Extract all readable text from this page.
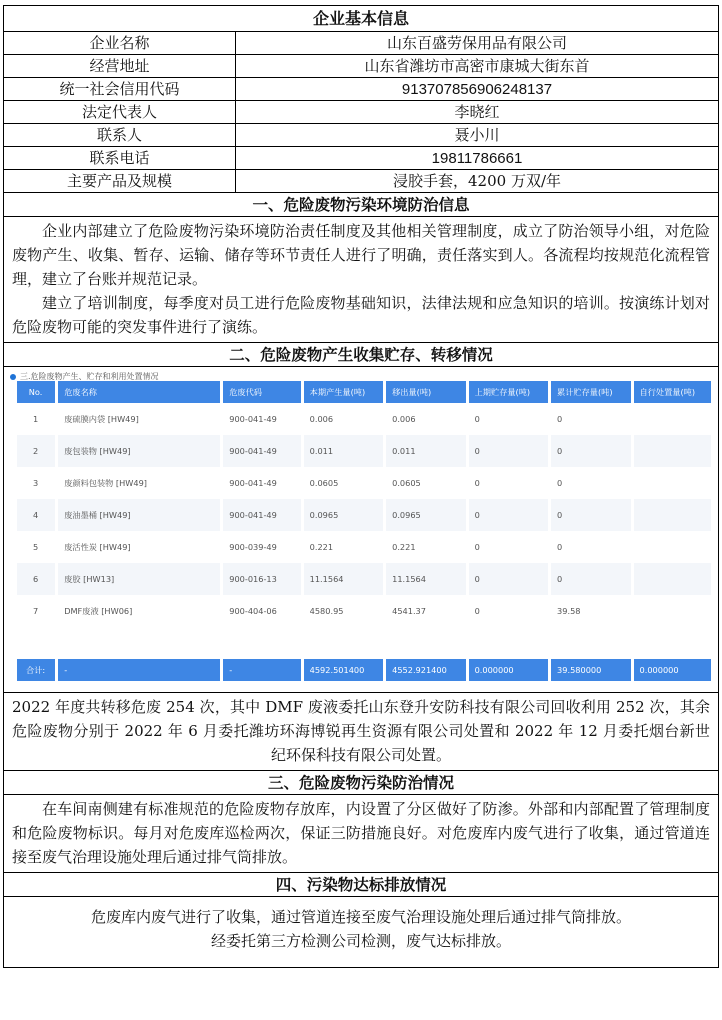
企业基本信息
企业名称	山东百盛劳保用品有限公司
经营地址	山东省潍坊市高密市康城大街东首
统一社会信用代码	913707856906248137
法定代表人	李晓红
联系人	聂小川
联系电话	19811786661
主要产品及规模	浸胶手套，4200 万双/年
一、危险废物污染环境防治信息

企业内部建立了危险废物污染环境防治责任制度及其他相关管理制度，成立了防治领导小组，对危险废物产生、收集、暂存、运输、储存等环节责任人进行了明确，责任落实到人。各流程均按规范化流程管理，建立了台账并规范记录。

建立了培训制度，每季度对员工进行危险废物基础知识，法律法规和应急知识的培训。按演练计划对危险废物可能的突发事件进行了演练。

二、危险废物产生收集贮存、转移情况
三.危险废物产生、贮存和利用处置情况
No.	危废名称	危废代码	本期产生量(吨)	移出量(吨)	上期贮存量(吨)	累计贮存量(吨)	自行处置量(吨)
1	废硫膜内袋 [HW49]	900-041-49	0.006	0.006	0	0	
2	废包装物 [HW49]	900-041-49	0.011	0.011	0	0	
3	废颜料包装物 [HW49]	900-041-49	0.0605	0.0605	0	0	
4	废油墨桶 [HW49]	900-041-49	0.0965	0.0965	0	0	
5	废活性炭 [HW49]	900-039-49	0.221	0.221	0	0	
6	废胶 [HW13]	900-016-13	11.1564	11.1564	0	0	
7	DMF废液 [HW06]	900-404-06	4580.95	4541.37	0	39.58	

合计:	-	-	4592.501400	4552.921400	0.000000	39.580000	0.000000

2022 年度共转移危废 254 次，其中 DMF 废液委托山东登升安防科技有限公司回收利用 252 次，其余危险废物分别于 2022 年 6 月委托潍坊环海博锐再生资源有限公司处置和 2022 年 12 月委托烟台新世纪环保科技有限公司处置。

三、危险废物污染防治情况

在车间南侧建有标准规范的危险废物存放库，内设置了分区做好了防渗。外部和内部配置了管理制度和危险废物标识。每月对危废库巡检两次，保证三防措施良好。对危废库内废气进行了收集，通过管道连接至废气治理设施处理后通过排气筒排放。

四、污染物达标排放情况

危废库内废气进行了收集，通过管道连接至废气治理设施处理后通过排气筒排放。

经委托第三方检测公司检测，废气达标排放。
